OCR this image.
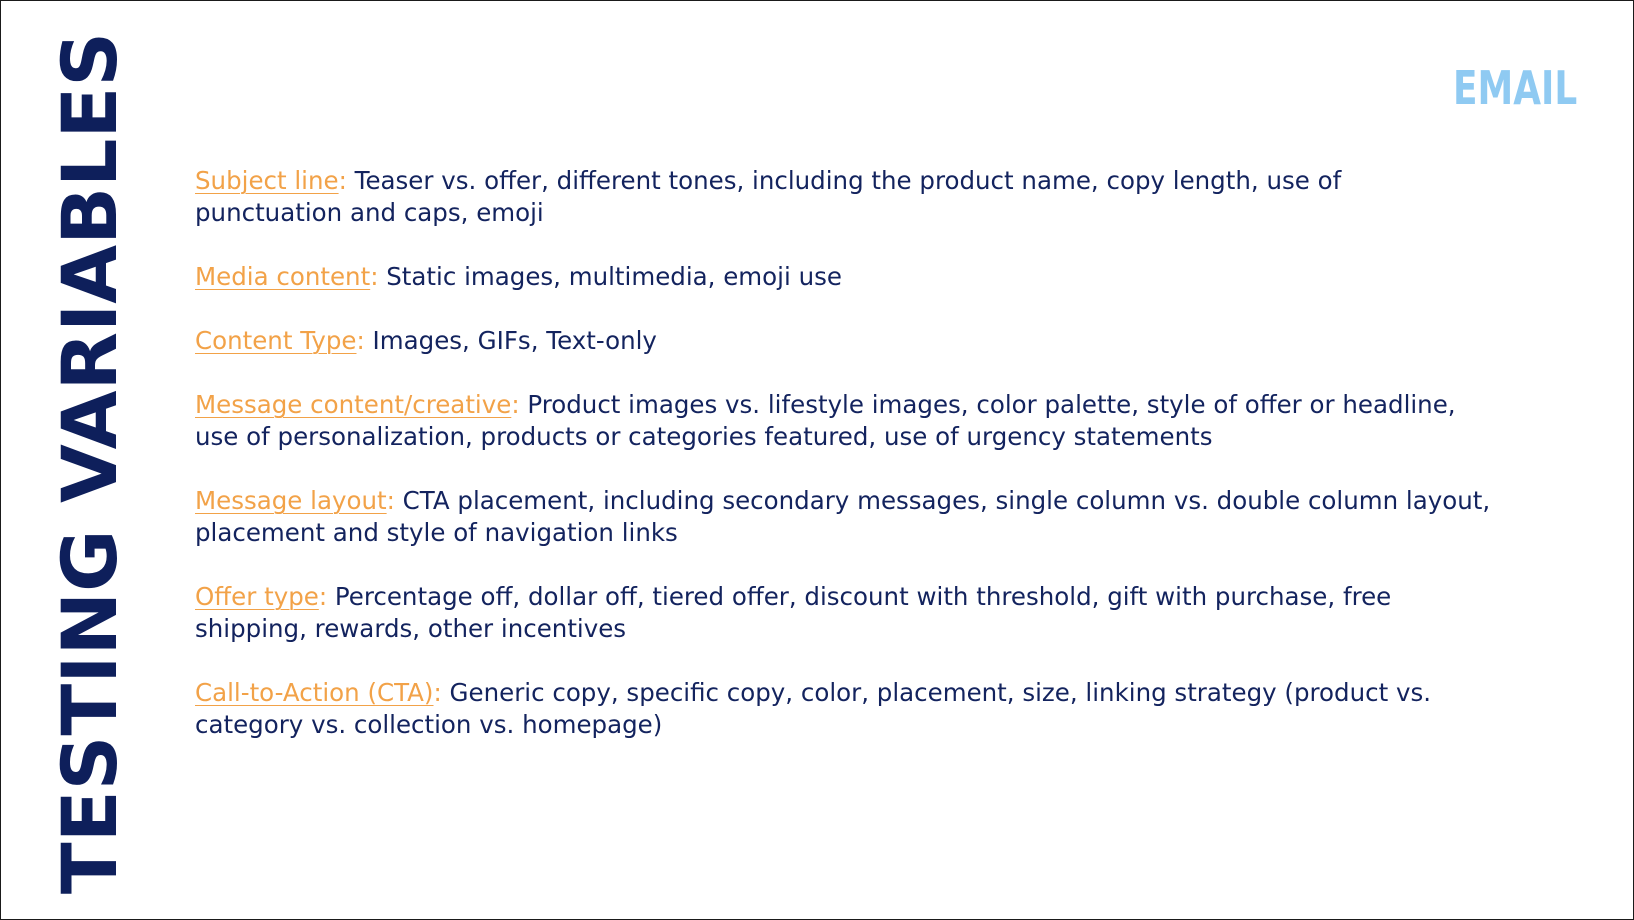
TESTING VARIABLES	EMAIL
Subject line: Teaser vs. offer, different tones, including the product name, copy length, use of punctuation and caps, emoji
Media content: Static images, multimedia, emoji use
Content Type: Images, GIFs, Text-only
Message content/creative: Product images vs. lifestyle images, color palette, style of offer or headline, use of personalization, products or categories featured, use of urgency statements
Message layout: CTA placement, including secondary messages, single column vs. double column layout, placement and style of navigation links
Offer type: Percentage off, dollar off, tiered offer, discount with threshold, gift with purchase, free shipping, rewards, other incentives
Call-to-Action (CTA): Generic copy, specific copy, color, placement, size, linking strategy (product vs. category vs. collection vs. homepage)
